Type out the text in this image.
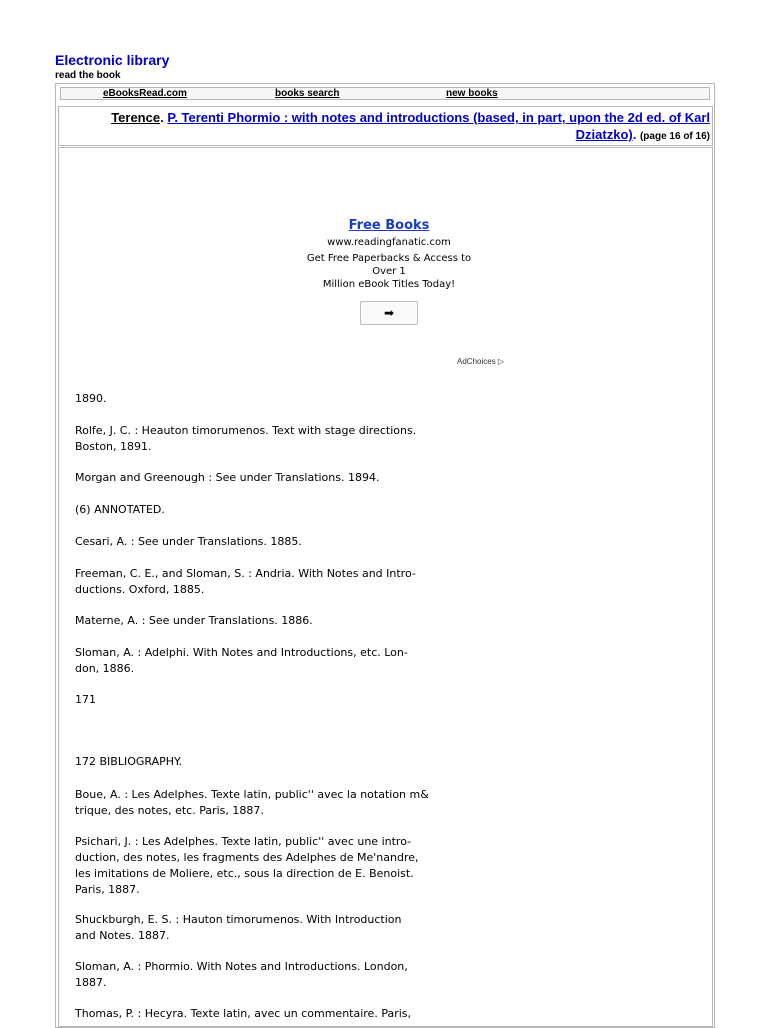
Electronic library
read the book
eBooksRead.com	books search	new books
Terence. P. Terenti Phormio : with notes and introductions (based, in part, upon the 2d ed. of Karl Dziatzko). (page 16 of 16)
Free Books
www.readingfanatic.com
Get Free Paperbacks & Access to Over 1
Million eBook Titles Today!
➡
AdChoices ▷
1890.
Rolfe, J. C. : Heauton timorumenos. Text with stage directions.
Boston, 1891.
Morgan and Greenough : See under Translations. 1894.
(6) ANNOTATED.
Cesari, A. : See under Translations. 1885.
Freeman, C. E., and Sloman, S. : Andria. With Notes and Intro-
ductions. Oxford, 1885.
Materne, A. : See under Translations. 1886.
Sloman, A. : Adelphi. With Notes and Introductions, etc. Lon-
don, 1886.
171
172 BIBLIOGRAPHY.
Boue, A. : Les Adelphes. Texte latin, public'' avec la notation m&
trique, des notes, etc. Paris, 1887.
Psichari, J. : Les Adelphes. Texte latin, public'' avec une intro-
duction, des notes, les fragments des Adelphes de Me'nandre,
les imitations de Moliere, etc., sous la direction de E. Benoist.
Paris, 1887.
Shuckburgh, E. S. : Hauton timorumenos. With Introduction
and Notes. 1887.
Sloman, A. : Phormio. With Notes and Introductions. London,
1887.
Thomas, P. : Hecyra. Texte latin, avec un commentaire. Paris,
